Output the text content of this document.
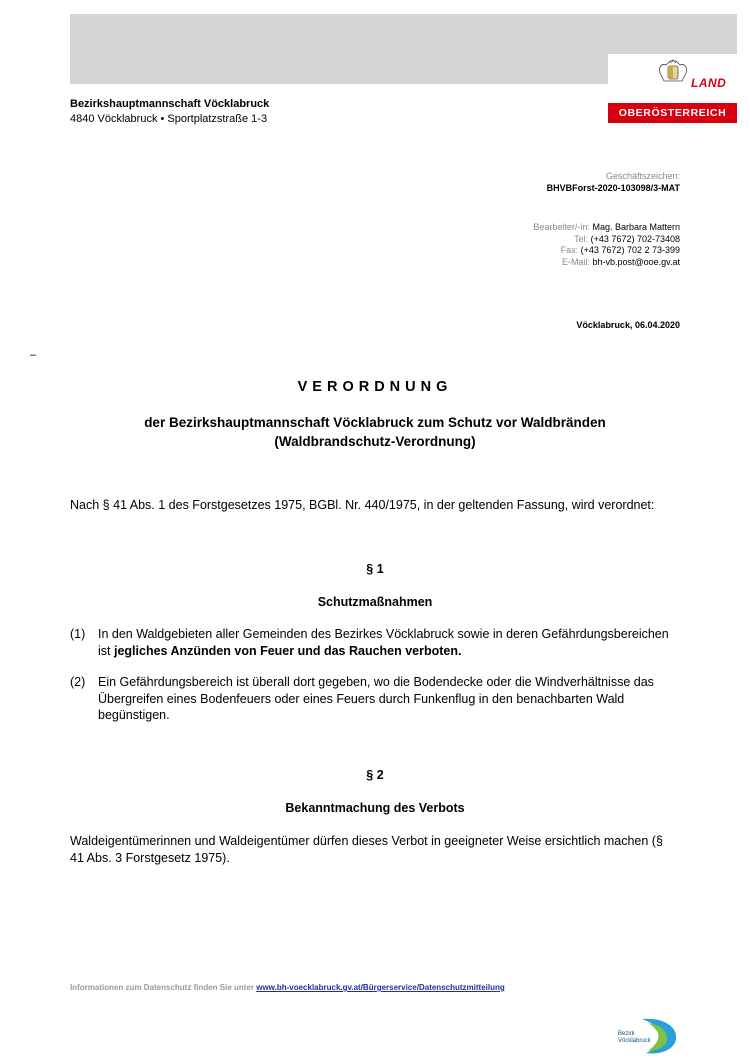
LAND
OBERÖSTERREICH
Bezirkshauptmannschaft Vöcklabruck
4840 Vöcklabruck • Sportplatzstraße 1-3
Geschäftszeichen:
BHVBForst-2020-103098/3-MAT
Bearbeiter/-in: Mag. Barbara Mattern
Tel: (+43 7672) 702-73408
Fax: (+43 7672) 702 2 73-399
E-Mail: bh-vb.post@ooe.gv.at
Vöcklabruck, 06.04.2020
–
VERORDNUNG
der Bezirkshauptmannschaft Vöcklabruck zum Schutz vor Waldbränden
(Waldbrandschutz-Verordnung)
Nach § 41 Abs. 1 des Forstgesetzes 1975, BGBl. Nr. 440/1975, in der geltenden Fassung, wird verordnet:
§ 1
Schutzmaßnahmen
(1) In den Waldgebieten aller Gemeinden des Bezirkes Vöcklabruck sowie in deren Gefährdungsbereichen ist jegliches Anzünden von Feuer und das Rauchen verboten.
(2) Ein Gefährdungsbereich ist überall dort gegeben, wo die Bodendecke oder die Windverhältnisse das Übergreifen eines Bodenfeuers oder eines Feuers durch Funkenflug in den benachbarten Wald begünstigen.
§ 2
Bekanntmachung des Verbots
Waldeigentümerinnen und Waldeigentümer dürfen dieses Verbot in geeigneter Weise ersichtlich machen (§ 41 Abs. 3 Forstgesetz 1975).
Informationen zum Datenschutz finden Sie unter www.bh-voecklabruck.gv.at/Bürgerservice/Datenschutzmitteilung
Bezirk
Vöcklabruck
